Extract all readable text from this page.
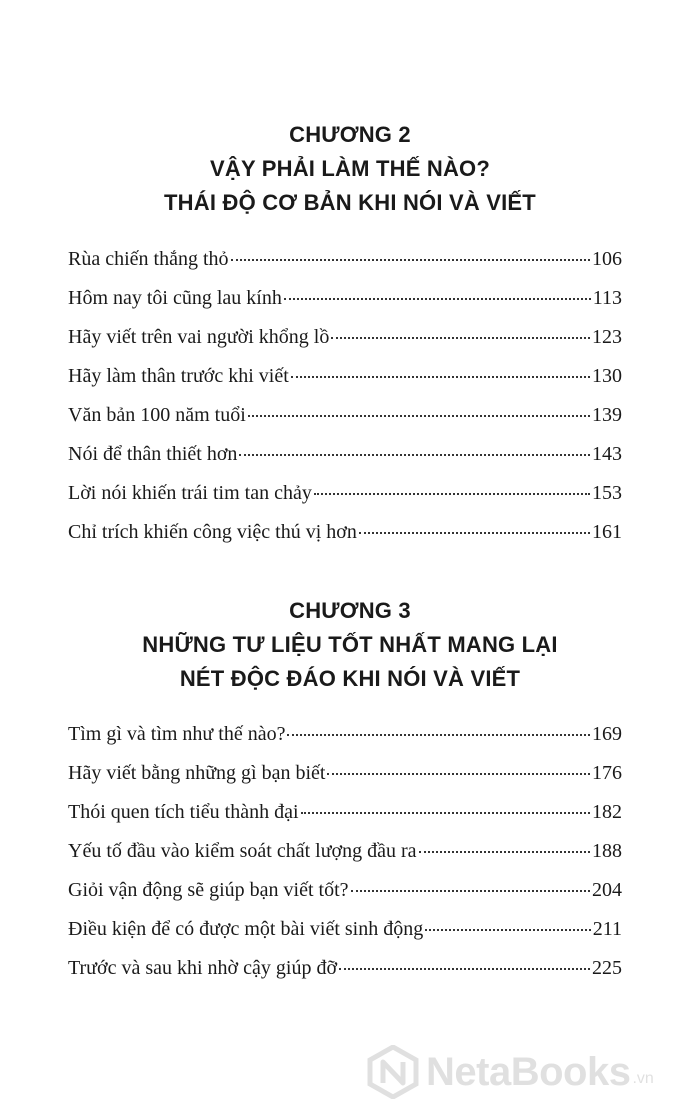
CHƯƠNG 2
VẬY PHẢI LÀM THẾ NÀO?
THÁI ĐỘ CƠ BẢN KHI NÓI VÀ VIẾT
Rùa chiến thắng thỏ	106
Hôm nay tôi cũng lau kính	113
Hãy viết trên vai người khổng lồ	123
Hãy làm thân trước khi viết	130
Văn bản 100 năm tuổi	139
Nói để thân thiết hơn	143
Lời nói khiến trái tim tan chảy	153
Chỉ trích khiến công việc thú vị hơn	161
CHƯƠNG 3
NHỮNG TƯ LIỆU TỐT NHẤT MANG LẠI
NÉT ĐỘC ĐÁO KHI NÓI VÀ VIẾT
Tìm gì và tìm như thế nào?	169
Hãy viết bằng những gì bạn biết	176
Thói quen tích tiểu thành đại	182
Yếu tố đầu vào kiểm soát chất lượng đầu ra	188
Giỏi vận động sẽ giúp bạn viết tốt?	204
Điều kiện để có được một bài viết sinh động	211
Trước và sau khi nhờ cậy giúp đỡ	225
NetaBooks .vn
